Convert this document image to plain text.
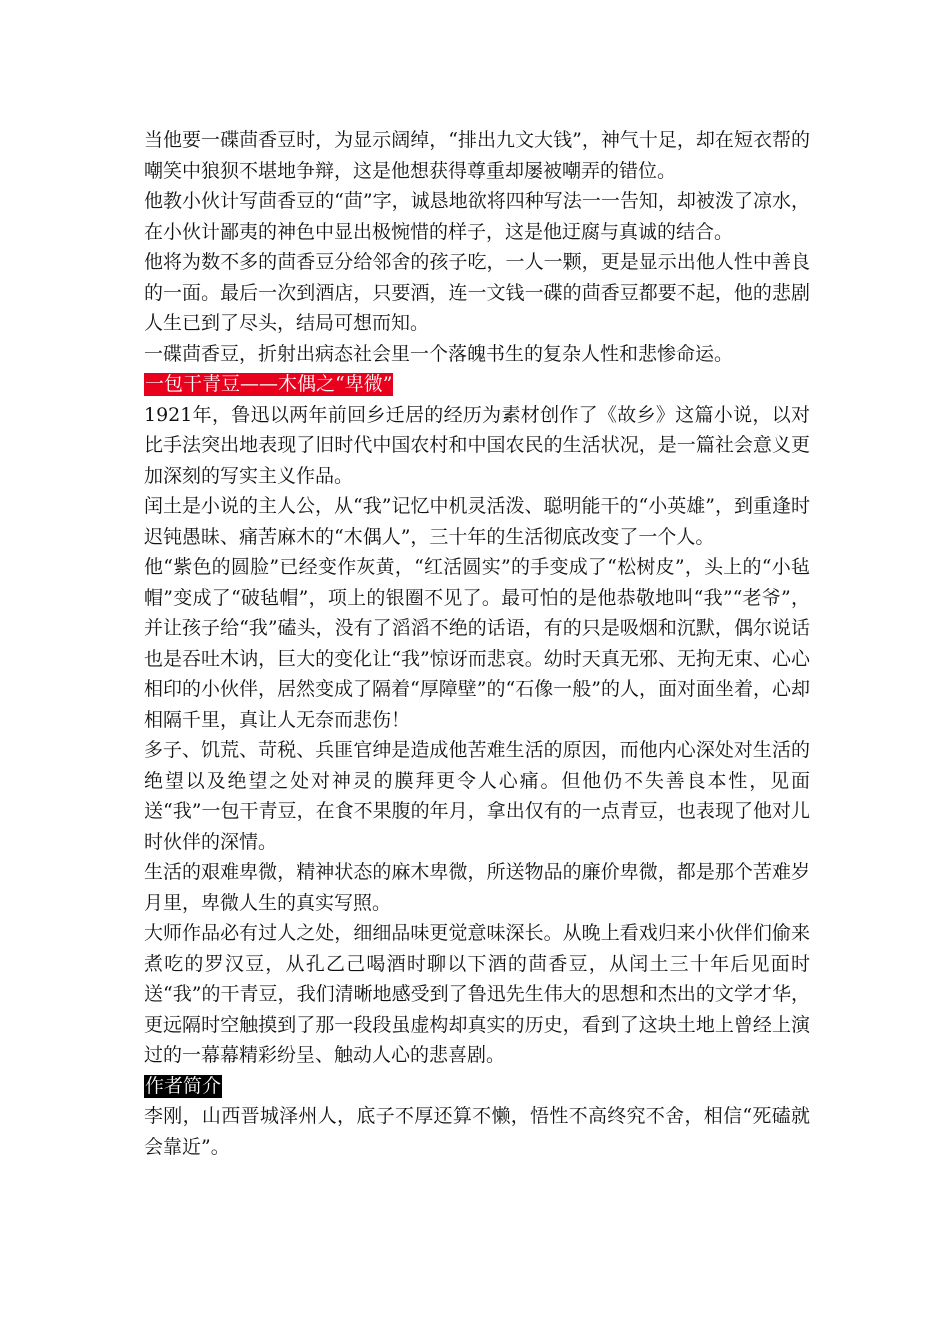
当他要一碟茴香豆时，为显示阔绰，“排出九文大钱”，神气十足，却在短衣帮的嘲笑中狼狈不堪地争辩，这是他想获得尊重却屡被嘲弄的错位。

他教小伙计写茴香豆的“茴”字，诚恳地欲将四种写法一一告知，却被泼了凉水，在小伙计鄙夷的神色中显出极惋惜的样子，这是他迂腐与真诚的结合。

他将为数不多的茴香豆分给邻舍的孩子吃，一人一颗，更是显示出他人性中善良的一面。最后一次到酒店，只要酒，连一文钱一碟的茴香豆都要不起，他的悲剧人生已到了尽头，结局可想而知。

一碟茴香豆，折射出病态社会里一个落魄书生的复杂人性和悲惨命运。

一包干青豆——木偶之“卑微”

1921年，鲁迅以两年前回乡迁居的经历为素材创作了《故乡》这篇小说，以对比手法突出地表现了旧时代中国农村和中国农民的生活状况，是一篇社会意义更加深刻的写实主义作品。

闰土是小说的主人公，从“我”记忆中机灵活泼、聪明能干的“小英雄”，到重逢时迟钝愚昧、痛苦麻木的“木偶人”，三十年的生活彻底改变了一个人。

他“紫色的圆脸”已经变作灰黄，“红活圆实”的手变成了“松树皮”，头上的“小毡帽”变成了“破毡帽”，项上的银圈不见了。最可怕的是他恭敬地叫“我”“老爷”，并让孩子给“我”磕头，没有了滔滔不绝的话语，有的只是吸烟和沉默，偶尔说话也是吞吐木讷，巨大的变化让“我”惊讶而悲哀。幼时天真无邪、无拘无束、心心相印的小伙伴，居然变成了隔着“厚障壁”的“石像一般”的人，面对面坐着，心却相隔千里，真让人无奈而悲伤！

多子、饥荒、苛税、兵匪官绅是造成他苦难生活的原因，而他内心深处对生活的绝望以及绝望之处对神灵的膜拜更令人心痛。但他仍不失善良本性，见面送“我”一包干青豆，在食不果腹的年月，拿出仅有的一点青豆，也表现了他对儿时伙伴的深情。

生活的艰难卑微，精神状态的麻木卑微，所送物品的廉价卑微，都是那个苦难岁月里，卑微人生的真实写照。

大师作品必有过人之处，细细品味更觉意味深长。从晚上看戏归来小伙伴们偷来煮吃的罗汉豆，从孔乙己喝酒时聊以下酒的茴香豆，从闰土三十年后见面时送“我”的干青豆，我们清晰地感受到了鲁迅先生伟大的思想和杰出的文学才华，更远隔时空触摸到了那一段段虽虚构却真实的历史，看到了这块土地上曾经上演过的一幕幕精彩纷呈、触动人心的悲喜剧。

作者简介

李刚，山西晋城泽州人，底子不厚还算不懒，悟性不高终究不舍，相信“死磕就会靠近”。
